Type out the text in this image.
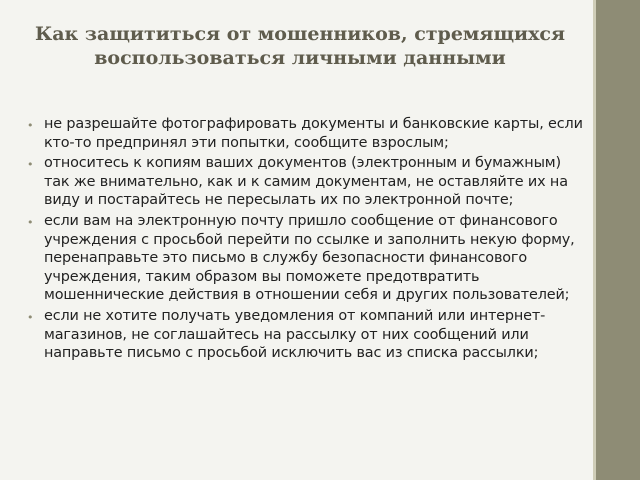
Как защититься от мошенников, стремящихся воспользоваться личными данными
• не разрешайте фотографировать документы и банковские карты, если кто-то предпринял эти попытки, сообщите взрослым;
• относитесь к копиям ваших документов (электронным и бумажным) так же внимательно, как и к самим документам, не оставляйте их на виду и постарайтесь не пересылать их по электронной почте;
• если вам на электронную почту пришло сообщение от финансового учреждения с просьбой перейти по ссылке и заполнить некую форму, перенаправьте это письмо в службу безопасности финансового учреждения, таким образом вы поможете предотвратить мошеннические действия в отношении себя и других пользователей;
• если не хотите получать уведомления от компаний или интернет-магазинов, не соглашайтесь на рассылку от них сообщений или направьте письмо с просьбой исключить вас из списка рассылки;
